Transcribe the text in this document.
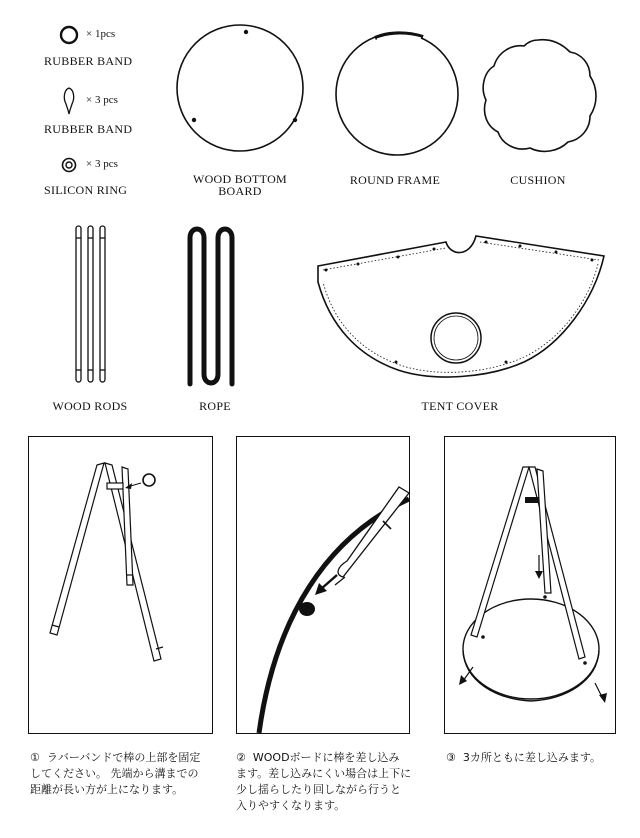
× 1pcs
RUBBER BAND
× 3 pcs
RUBBER BAND
× 3 pcs
SILICON RING
WOOD BOTTOM
BOARD
ROUND FRAME	CUSHION
WOOD RODS	ROPE	TENT COVER
① ラバーバンドで棒の上部を固定
してください。 先端から溝までの
距離が長い方が上になります。
② WOODボードに棒を差し込み
ます。差し込みにくい場合は上下に
少し揺らしたり回しながら行うと
入りやすくなります。
③ 3カ所ともに差し込みます。
